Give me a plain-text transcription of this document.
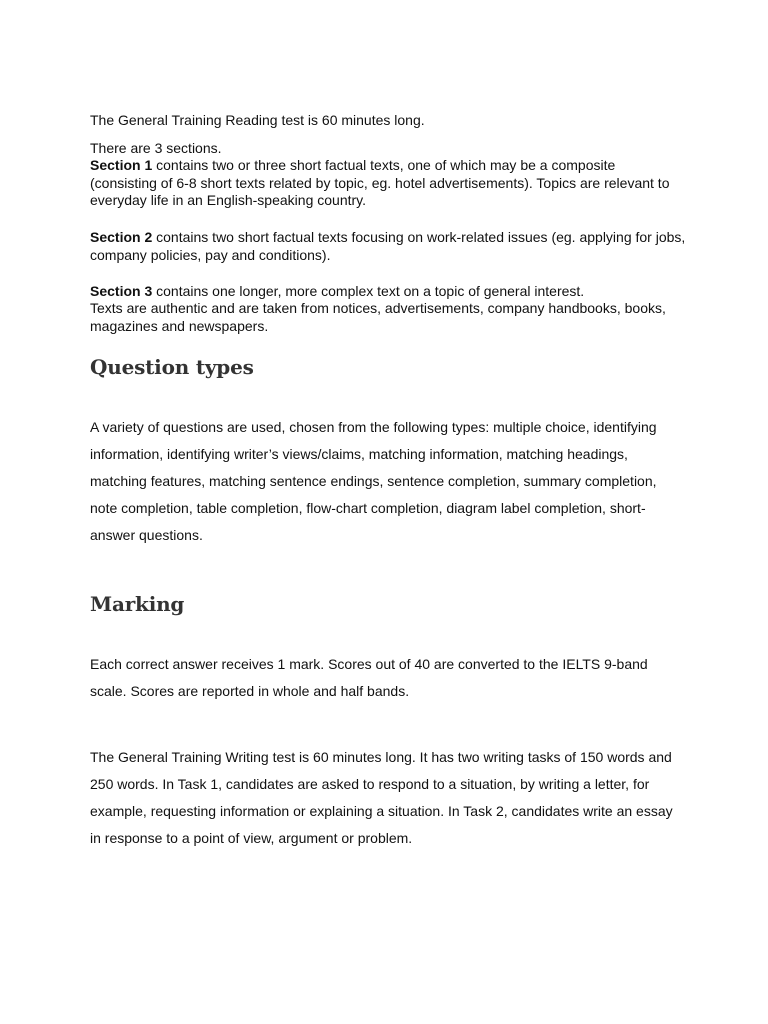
The General Training Reading test is 60 minutes long.

There are 3 sections.

Section 1 contains two or three short factual texts, one of which may be a composite (consisting of 6-8 short texts related by topic, eg. hotel advertisements). Topics are relevant to everyday life in an English-speaking country.

Section 2 contains two short factual texts focusing on work-related issues (eg. applying for jobs, company policies, pay and conditions).

Section 3 contains one longer, more complex text on a topic of general interest.

Texts are authentic and are taken from notices, advertisements, company handbooks, books, magazines and newspapers.

Question types

A variety of questions are used, chosen from the following types: multiple choice, identifying information, identifying writer’s views/claims, matching information, matching headings, matching features, matching sentence endings, sentence completion, summary completion, note completion, table completion, flow-chart completion, diagram label completion, short-answer questions.

Marking

Each correct answer receives 1 mark. Scores out of 40 are converted to the IELTS 9-band scale. Scores are reported in whole and half bands.

The General Training Writing test is 60 minutes long. It has two writing tasks of 150 words and 250 words. In Task 1, candidates are asked to respond to a situation, by writing a letter, for example, requesting information or explaining a situation. In Task 2, candidates write an essay in response to a point of view, argument or problem.
